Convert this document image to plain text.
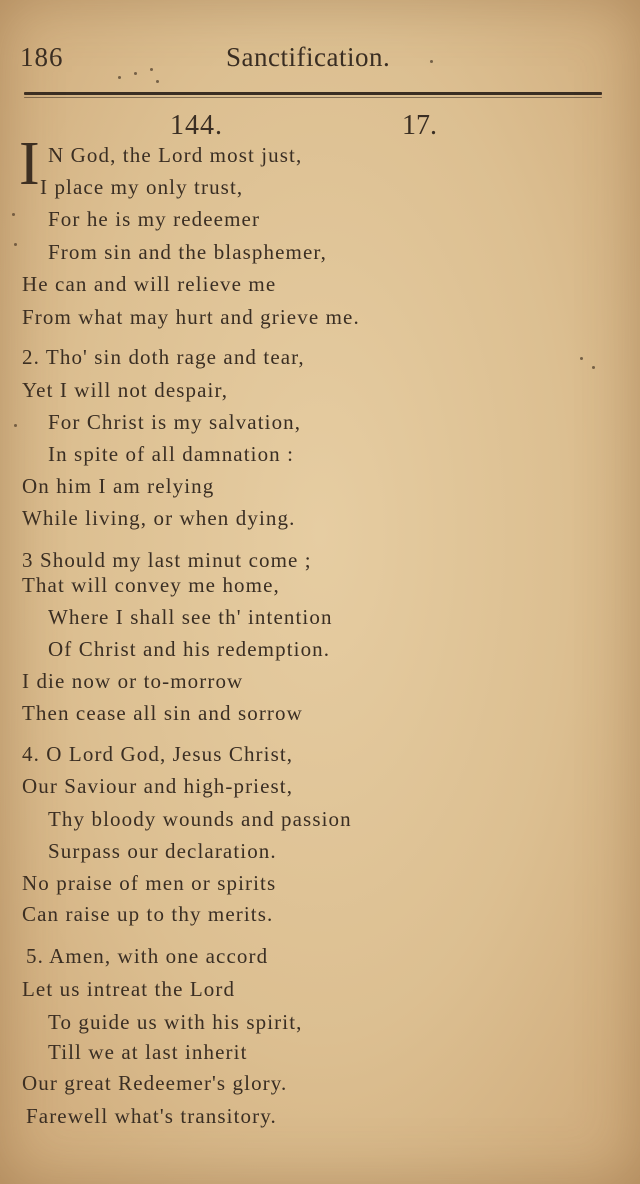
186	Sanctification.
144.	17.
I N God, the Lord most just,
I place my only trust,
For he is my redeemer
From sin and the blasphemer,
He can and will relieve me
From what may hurt and grieve me.
2. Tho' sin doth rage and tear,
Yet I will not despair,
For Christ is my salvation,
In spite of all damnation :
On him I am relying
While living, or when dying.
3 Should my last minut come ;
That will convey me home,
Where I shall see th' intention
Of Christ and his redemption.
I die now or to-morrow
Then cease all sin and sorrow
4. O Lord God, Jesus Christ,
Our Saviour and high-priest,
Thy bloody wounds and passion
Surpass our declaration.
No praise of men or spirits
Can raise up to thy merits.
5. Amen, with one accord
Let us intreat the Lord
To guide us with his spirit,
Till we at last inherit
Our great Redeemer's glory.
Farewell what's transitory.
